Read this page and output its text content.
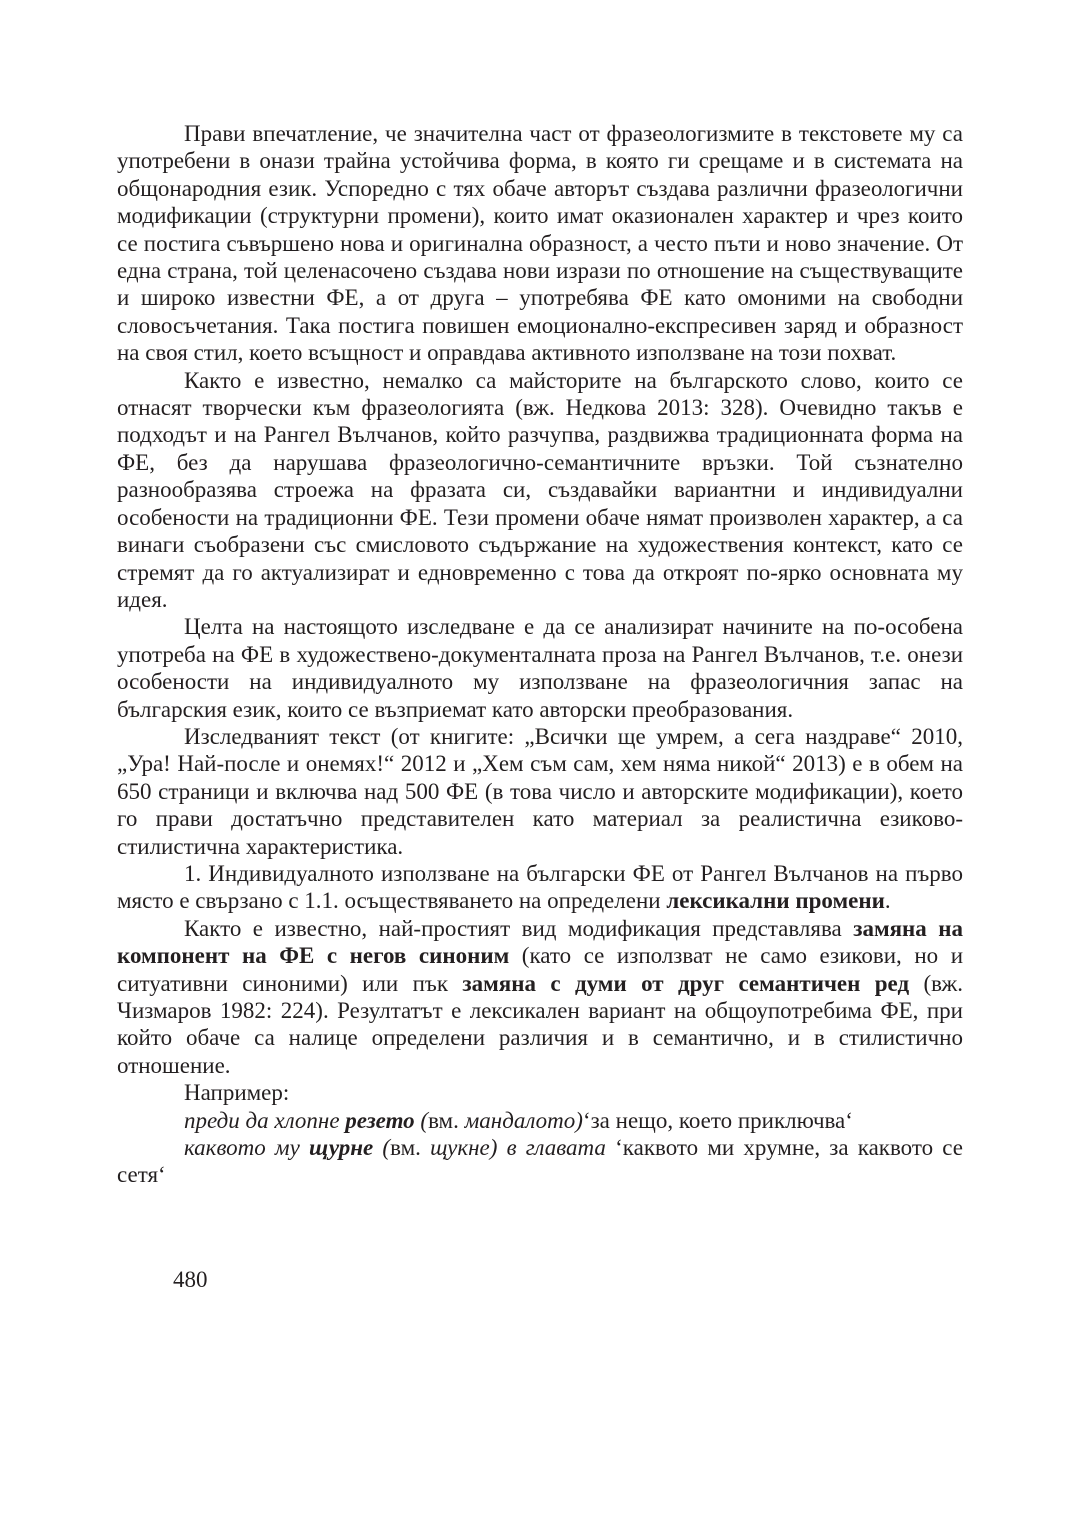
Прави впечатление, че значителна част от фразеологизмите в текстовете му са употребени в онази трайна устойчива форма, в която ги срещаме и в системата на общонародния език. Успоредно с тях обаче авторът създава различни фразеологични модификации (структурни промени), които имат оказионален характер и чрез които се постига съвършено нова и оригинална образност, а често пъти и ново значение. От една страна, той целенасочено създава нови изрази по отношение на съществуващите и широко известни ФЕ, а от друга – употребява ФЕ като омоними на свободни словосъчетания. Така постига повишен емоционално-експресивен заряд и образност на своя стил, което всъщност и оправдава активното използване на този похват.

Както е известно, немалко са майсторите на българското слово, които се отнасят творчески към фразеологията (вж. Недкова 2013: 328). Очевидно такъв е подходът и на Рангел Вълчанов, който разчупва, раздвижва традиционната форма на ФЕ, без да нарушава фразеологично-семантичните връзки. Той съзнателно разнообразява строежа на фразата си, създавайки вариантни и индивидуални особености на традиционни ФЕ. Тези промени обаче нямат произволен характер, а са винаги съобразени със смисловото съдържание на художествения контекст, като се стремят да го актуализират и едновременно с това да откроят по-ярко основната му идея.

Целта на настоящото изследване е да се анализират начините на по-особена употреба на ФЕ в художествено-документалната проза на Рангел Вълчанов, т.е. онези особености на индивидуалното му използване на фразеологичния запас на българския език, които се възприемат като авторски преобразования.

Изследваният текст (от книгите: „Всички ще умрем, а сега наздраве“ 2010, „Ура! Най-после и онемях!“ 2012 и „Хем съм сам, хем няма никой“ 2013) е в обем на 650 страници и включва над 500 ФЕ (в това число и авторските модификации), което го прави достатъчно представителен като материал за реалистична езиково-стилистична характеристика.

1. Индивидуалното използване на български ФЕ от Рангел Вълчанов на първо място е свързано с 1.1. осъществяването на определени лексикални промени.

Както е известно, най-простият вид модификация представлява замяна на компонент на ФЕ с негов синоним (като се използват не само езикови, но и ситуативни синоними) или пък замяна с думи от друг семантичен ред (вж. Чизмаров 1982: 224). Резултатът е лексикален вариант на общоупотребима ФЕ, при който обаче са налице определени различия и в семантично, и в стилистично отношение.

Например:

преди да хлопне резето (вм. мандалото)‘за нещо, което приключва‘

каквото му щурне (вм. щукне) в главата ‘каквото ми хрумне, за каквото се сетя‘

480
